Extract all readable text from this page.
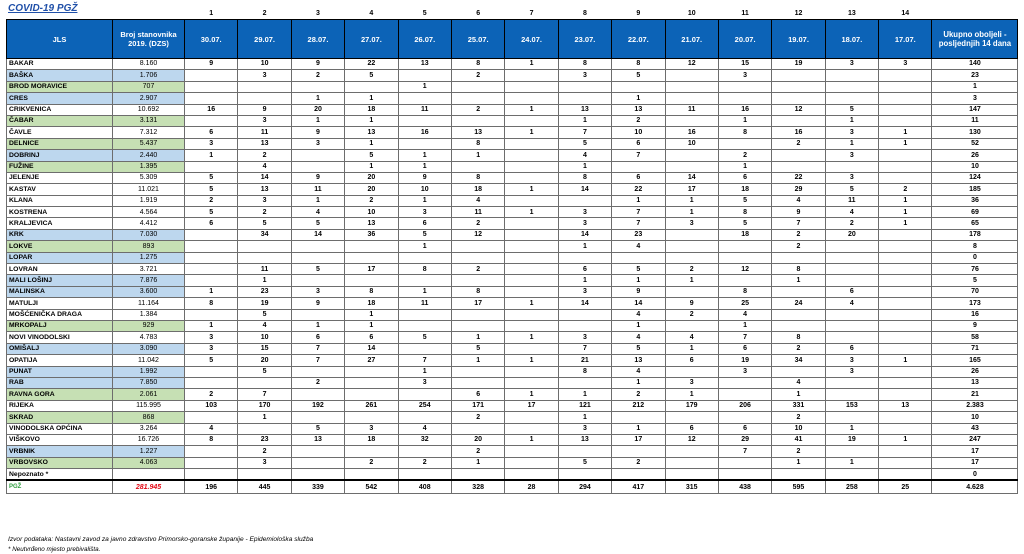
COVID-19 PGŽ

			1	2	3	4	5	6	7	8	9	10	11	12	13	14	
JLS	Broj stanovnika 2019. (DZS)	30.07.	29.07.	28.07.	27.07.	26.07.	25.07.	24.07.	23.07.	22.07.	21.07.	20.07.	19.07.	18.07.	17.07.	Ukupno oboljeli - posljednjih 14 dana
BAKAR	8.160	9	10	9	22	13	8	1	8	8	12	15	19	3	3	140
BAŠKA	1.706		3	2	5		2		3	5		3				23
BROD MORAVICE	707					1										1
CRES	2.907			1	1					1						3
CRIKVENICA	10.692	16	9	20	18	11	2	1	13	13	11	16	12	5		147
ČABAR	3.131		3	1	1				1	2		1		1		11
ČAVLE	7.312	6	11	9	13	16	13	1	7	10	16	8	16	3	1	130
DELNICE	5.437	3	13	3	1		8		5	6	10		2	1	1	52
DOBRINJ	2.440	1	2		5	1	1		4	7		2		3		26
FUŽINE	1.395		4		1	1			1			1				10
JELENJE	5.309	5	14	9	20	9	8		8	6	14	6	22	3		124
KASTAV	11.021	5	13	11	20	10	18	1	14	22	17	18	29	5	2	185
KLANA	1.919	2	3	1	2	1	4			1	1	5	4	11	1	36
KOSTRENA	4.564	5	2	4	10	3	11	1	3	7	1	8	9	4	1	69
KRALJEVICA	4.412	6	5	5	13	6	2		3	7	3	5	7	2	1	65
KRK	7.030		34	14	36	5	12		14	23		18	2	20		178
LOKVE	893					1			1	4			2			8
LOPAR	1.275															0
LOVRAN	3.721		11	5	17	8	2		6	5	2	12	8			76
MALI LOŠINJ	7.876		1						1	1	1		1			5
MALINSKA	3.600	1	23	3	8	1	8		3	9		8		6		70
MATULJI	11.164	8	19	9	18	11	17	1	14	14	9	25	24	4		173
MOŠĆENIČKA DRAGA	1.384		5		1					4	2	4				16
MRKOPALJ	929	1	4	1	1					1		1				9
NOVI VINODOLSKI	4.783	3	10	6	6	5	1	1	3	4	4	7	8			58
OMIŠALJ	3.090	3	15	7	14		5		7	5	1	6	2	6		71
OPATIJA	11.042	5	20	7	27	7	1	1	21	13	6	19	34	3	1	165
PUNAT	1.992		5			1			8	4		3		3		26
RAB	7.850			2		3				1	3		4			13
RAVNA GORA	2.061	2	7				6	1	1	2	1		1			21
RIJEKA	115.995	103	170	192	261	254	171	17	121	212	179	206	331	153	13	2.383
SKRAD	868		1				2		1				2			10
VINODOLSKA OPĆINA	3.264	4		5	3	4			3	1	6	6	10	1		43
VIŠKOVO	16.726	8	23	13	18	32	20	1	13	17	12	29	41	19	1	247
VRBNIK	1.227		2				2					7	2			17
VRBOVSKO	4.063		3		2	2	1		5	2			1	1		17
Nepoznato *																0
PGŽ	281.945	196	445	339	542	408	328	28	294	417	315	438	595	258	25	4.628

Izvor podataka: Nastavni zavod za javno zdravstvo Primorsko-goranske županije - Epidemiološka služba

* Neutvrđeno mjesto prebivališta.
